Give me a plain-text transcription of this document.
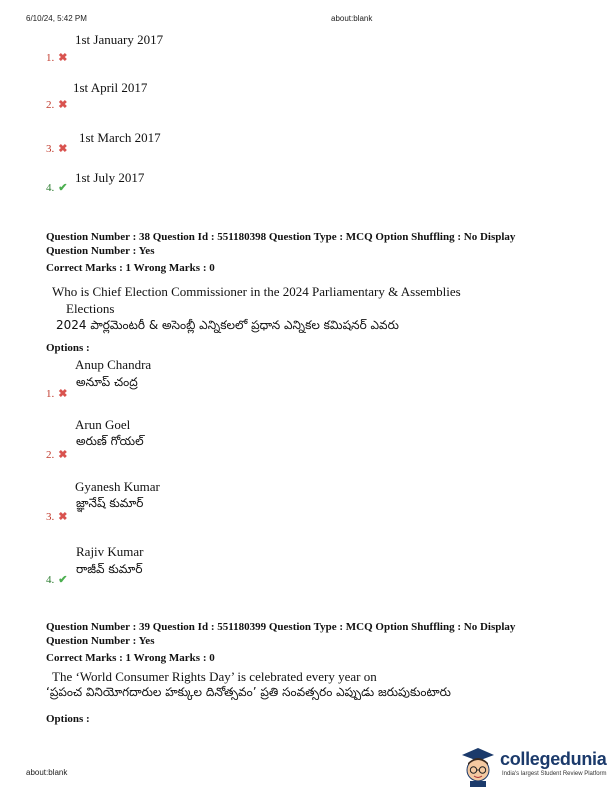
6/10/24, 5:42 PM	about:blank
1st January 2017
1. ✖
1st April 2017
2. ✖
1st March 2017
3. ✖
1st July 2017
4. ✔
Question Number : 38 Question Id : 551180398 Question Type : MCQ Option Shuffling : No Display
Question Number : Yes
Correct Marks : 1 Wrong Marks : 0
Who is Chief Election Commissioner in the 2024 Parliamentary & Assemblies
Elections
2024 పార్లమెంటరీ & అసెంబ్లీ ఎన్నికలలో ప్రధాన ఎన్నికల కమిషనర్ ఎవరు
Options :
Anup Chandra
అనూప్ చంద్ర
1. ✖
Arun Goel
అరుణ్ గోయల్
2. ✖
Gyanesh Kumar
జ్ఞానేష్ కుమార్
3. ✖
Rajiv Kumar
రాజీవ్ కుమార్
4. ✔
Question Number : 39 Question Id : 551180399 Question Type : MCQ Option Shuffling : No Display
Question Number : Yes
Correct Marks : 1 Wrong Marks : 0
The ‘World Consumer Rights Day’ is celebrated every year on
‘ప్రపంచ వినియోగదారుల హక్కుల దినోత్సవం’ ప్రతి సంవత్సరం ఎప్పుడు జరుపుకుంటారు
Options :
about:blank
collegedunia
India's largest Student Review Platform
